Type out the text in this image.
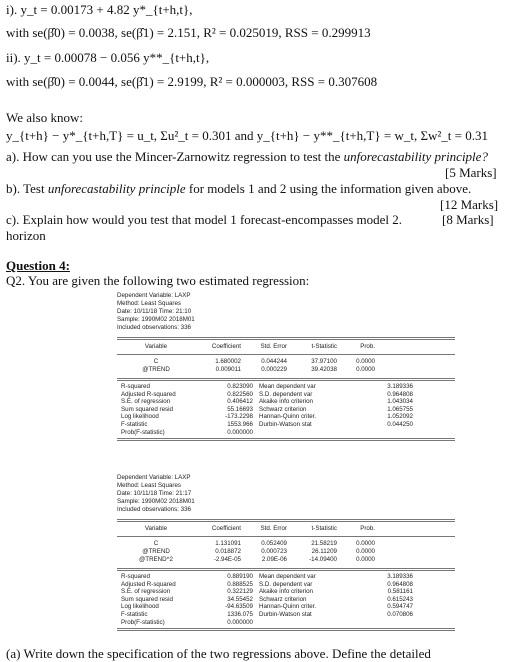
i). y_t = 0.00173 + 4.82 y*_{t+h,t},
with se(β̂0) = 0.0038, se(β̂1) = 2.151, R² = 0.025019, RSS = 0.299913
ii). y_t = 0.00078 − 0.056 y**_{t+h,t},
with se(β̂0) = 0.0044, se(β̂1) = 2.9199, R² = 0.000003, RSS = 0.307608
We also know:
y_{t+h} − y*_{t+h,T} = u_t, Σu²_t = 0.301 and y_{t+h} − y**_{t+h,T} = w_t, Σw²_t = 0.31
a). How can you use the Mincer-Zarnowitz regression to test the unforecastability principle?
[5 Marks]
b). Test unforecastability principle for models 1 and 2 using the information given above.
[12 Marks]
c). Explain how would you test that model 1 forecast-encompasses model 2.	[8 Marks]
horizon
Question 4:
Q2. You are given the following two estimated regression:
Dependent Variable: LAXP
Method: Least Squares
Date: 10/11/18 Time: 21:10
Sample: 1990M02 2018M01
Included observations: 336
Variable	Coefficient	Std. Error	t-Statistic	Prob.
C	1.680002	0.044244	37.97100	0.0000
@TREND	0.009011	0.000229	39.42038	0.0000
R-squared	0.823090 Mean dependent var	3.189336
Adjusted R-squared	0.822560 S.D. dependent var	0.964808
S.E. of regression	0.406412 Akaike info criterion	1.043034
Sum squared resid	55.16693 Schwarz criterion	1.065755
Log likelihood	-173.2298 Hannan-Quinn criter.	1.052092
F-statistic	1553.966 Durbin-Watson stat	0.044250
Prob(F-statistic)	0.000000
Dependent Variable: LAXP
Method: Least Squares
Date: 10/11/18 Time: 21:17
Sample: 1990M02 2018M01
Included observations: 336
Variable	Coefficient	Std. Error	t-Statistic	Prob.
C	1.131091	0.052409	21.58219	0.0000
@TREND	0.018872	0.000723	26.11209	0.0000
@TREND^2	-2.94E-05	2.09E-06	-14.09400	0.0000
R-squared	0.889190 Mean dependent var	3.189336
Adjusted R-squared	0.888525 S.D. dependent var	0.964808
S.E. of regression	0.322129 Akaike info criterion	0.581161
Sum squared resid	34.55452 Schwarz criterion	0.615243
Log likelihood	-94.63509 Hannan-Quinn criter.	0.594747
F-statistic	1336.075 Durbin-Watson stat	0.070806
Prob(F-statistic)	0.000000
(a) Write down the specification of the two regressions above. Define the detailed
